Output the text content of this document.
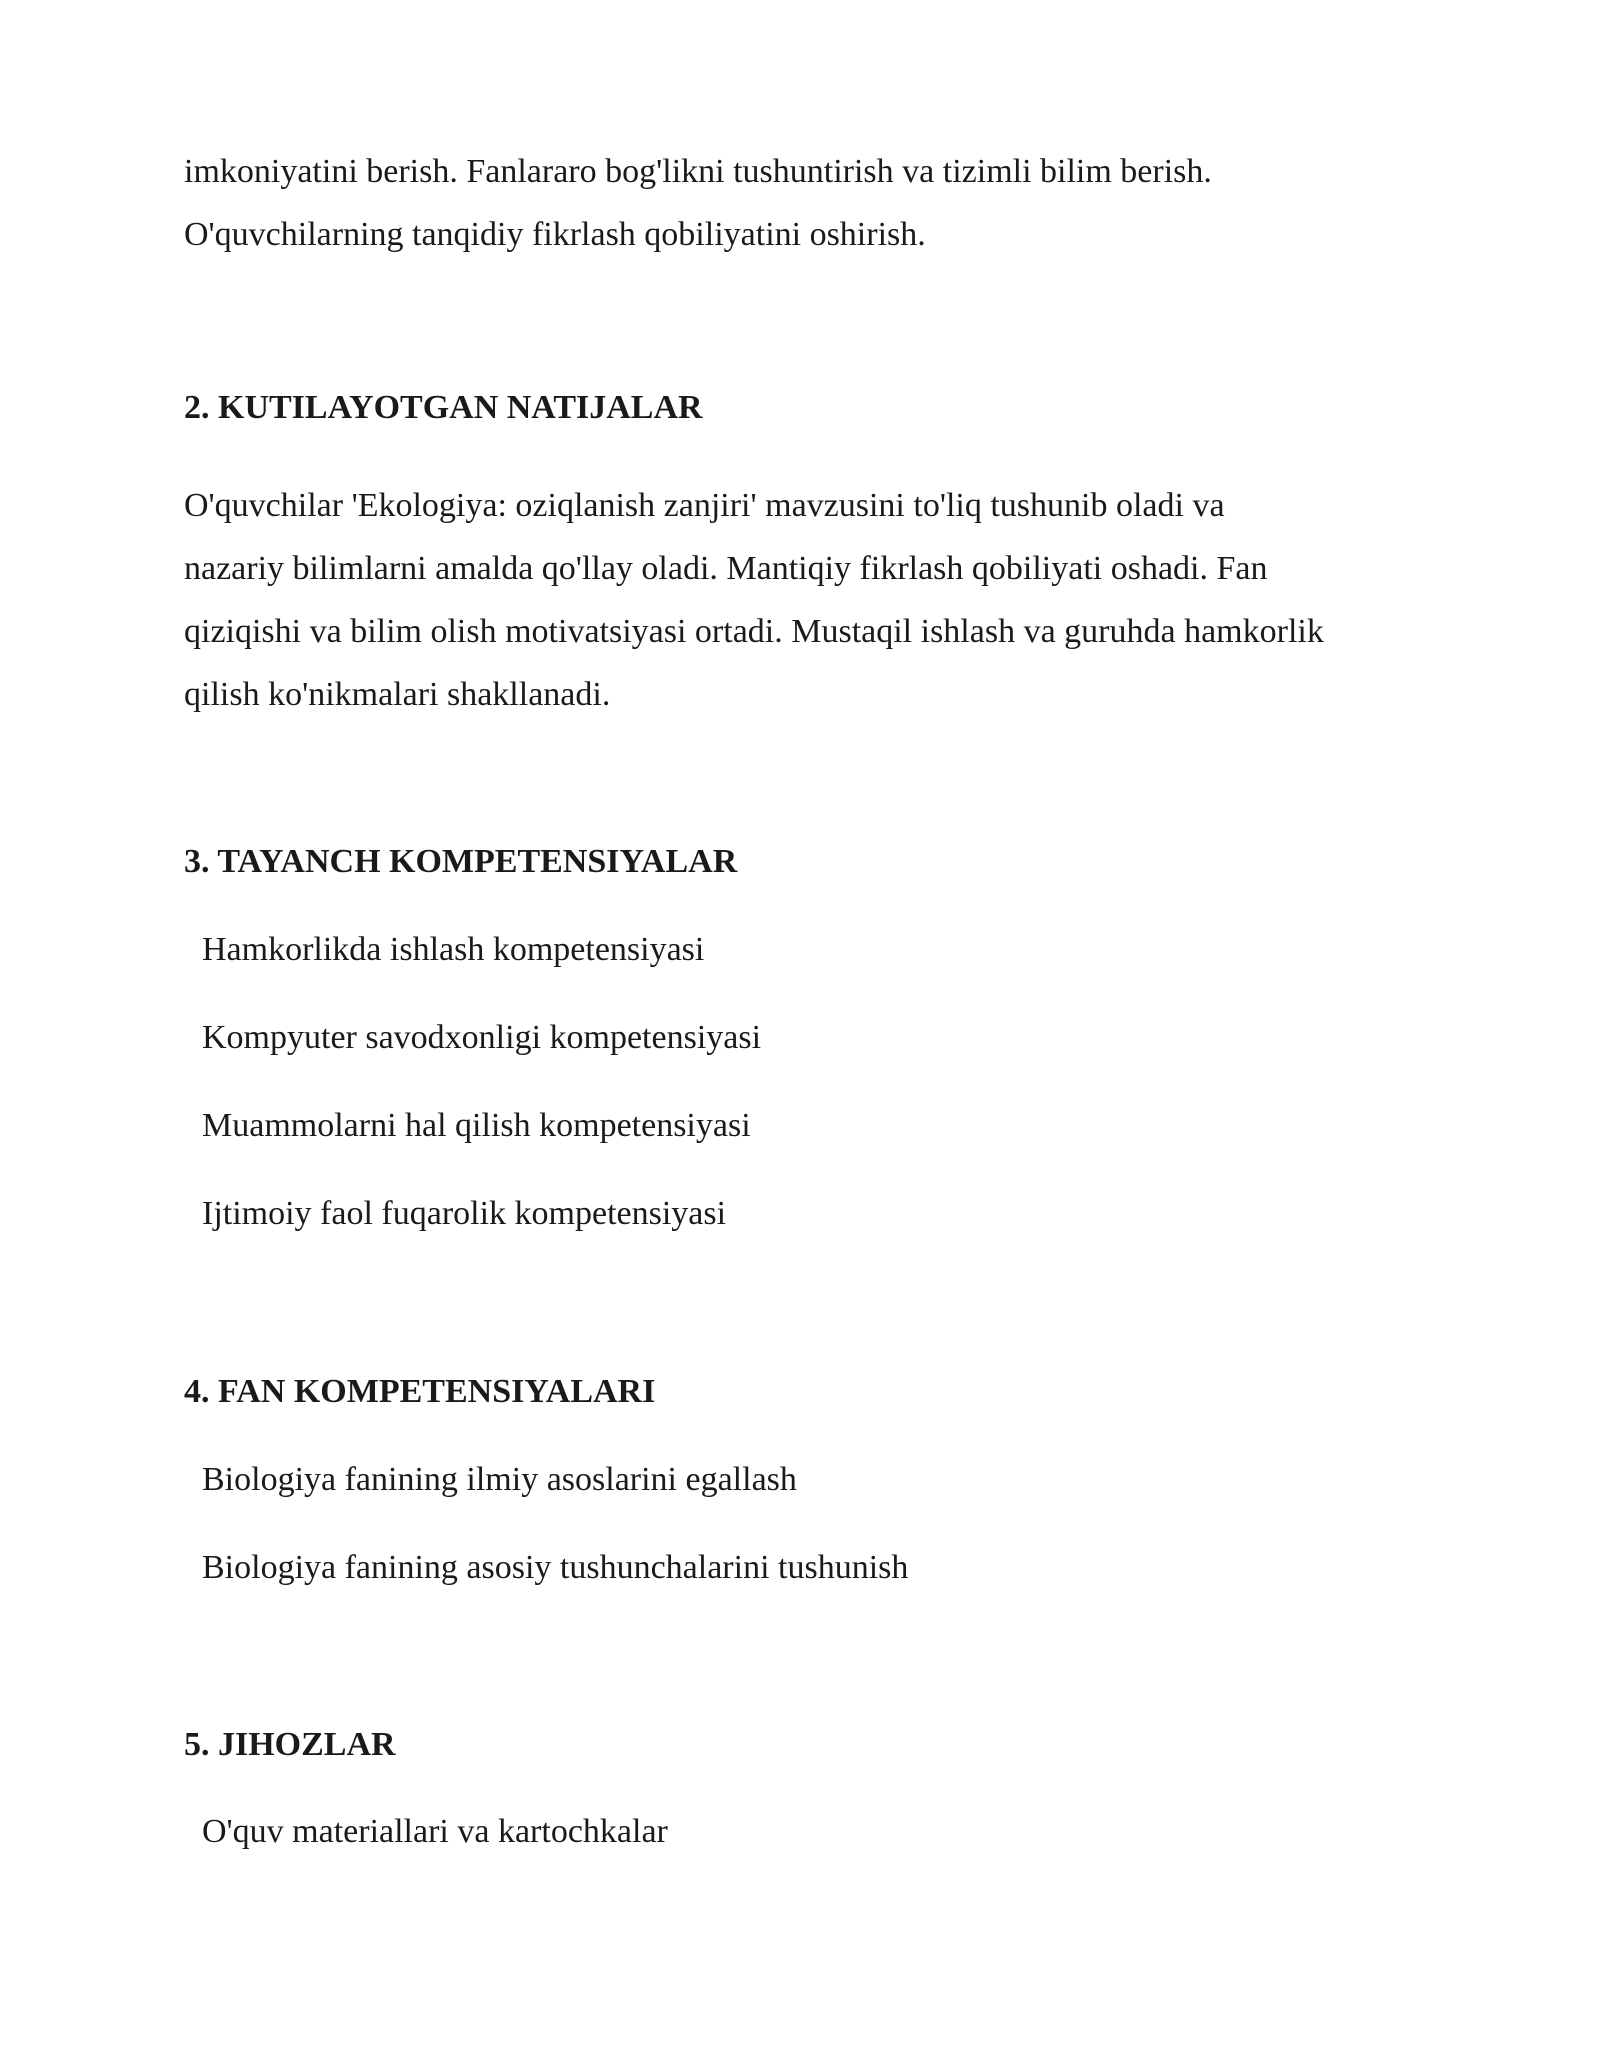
imkoniyatini berish. Fanlararo bog'likni tushuntirish va tizimli bilim berish.

O'quvchilarning tanqidiy fikrlash qobiliyatini oshirish.

2. KUTILAYOTGAN NATIJALAR

O'quvchilar 'Ekologiya: oziqlanish zanjiri' mavzusini to'liq tushunib oladi va

nazariy bilimlarni amalda qo'llay oladi. Mantiqiy fikrlash qobiliyati oshadi. Fan

qiziqishi va bilim olish motivatsiyasi ortadi. Mustaqil ishlash va guruhda hamkorlik

qilish ko'nikmalari shakllanadi.

3. TAYANCH KOMPETENSIYALAR

Hamkorlikda ishlash kompetensiyasi

Kompyuter savodxonligi kompetensiyasi

Muammolarni hal qilish kompetensiyasi

Ijtimoiy faol fuqarolik kompetensiyasi

4. FAN KOMPETENSIYALARI

Biologiya fanining ilmiy asoslarini egallash

Biologiya fanining asosiy tushunchalarini tushunish

5. JIHOZLAR

O'quv materiallari va kartochkalar
